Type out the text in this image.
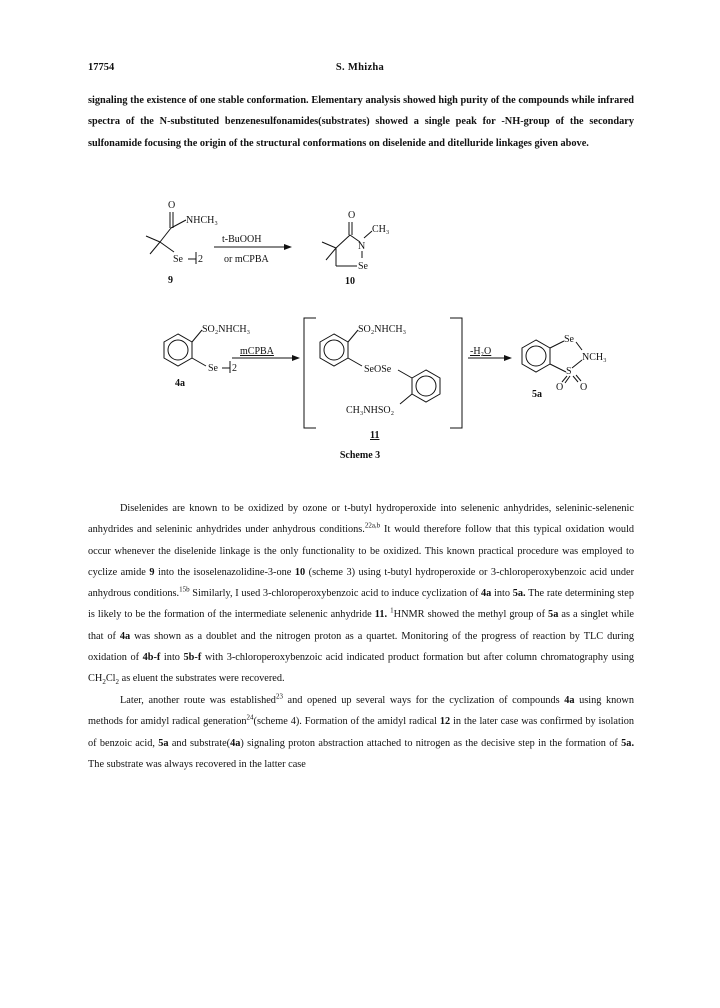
17754	S. Mhizha

signaling the existence of one stable conformation. Elementary analysis showed high purity of the compounds while infrared spectra of the N-substituted benzenesulfonamides(substrates) showed a single peak for -NH-group of the secondary sulfonamide focusing the origin of the structural conformations on diselenide and ditelluride linkages given above.

O
NHCH₃
Se 2
9
t-BuOOH
or mCPBA
O
N
CH₃
Se
10
SO₂NHCH₃
Se 2
4a
mCPBA
SO₂NHCH₃
SeOSe
CH₃NHSO₂
11
-H₂O
Se
NCH₃
S
O O
5a
Scheme 3

Diselenides are known to be oxidized by ozone or t-butyl hydroperoxide into selenenic anhydrides, seleninic-selenenic anhydrides and seleninic anhydrides under anhydrous conditions.$^{22a,b}$ It would therefore follow that this typical oxidation would occur whenever the diselenide linkage is the only functionality to be oxidized. This known practical procedure was employed to cyclize amide 9 into the isoselenazolidine-3-one 10 (scheme 3) using t-butyl hydroperoxide or 3-chloroperoxybenzoic acid under anhydrous conditions.$^{15b}$ Similarly, I used 3-chloroperoxybenzoic acid to induce cyclization of 4a into 5a. The rate determining step is likely to be the formation of the intermediate selenenic anhydride 11. $^1$HNMR showed the methyl group of 5a as a singlet while that of 4a was shown as a doublet and the nitrogen proton as a quartet. Monitoring of the progress of reaction by TLC during oxidation of 4b-f into 5b-f with 3-chloroperoxybenzoic acid indicated product formation but after column chromatography using $CH_2Cl_2$ as eluent the substrates were recovered.

Later, another route was established$^{23}$ and opened up several ways for the cyclization of compounds 4a using known methods for amidyl radical generation$^{24}$(scheme 4). Formation of the amidyl radical 12 in the later case was confirmed by isolation of benzoic acid, 5a and substrate(4a) signaling proton abstraction attached to nitrogen as the decisive step in the formation of 5a. The substrate was always recovered in the latter case
